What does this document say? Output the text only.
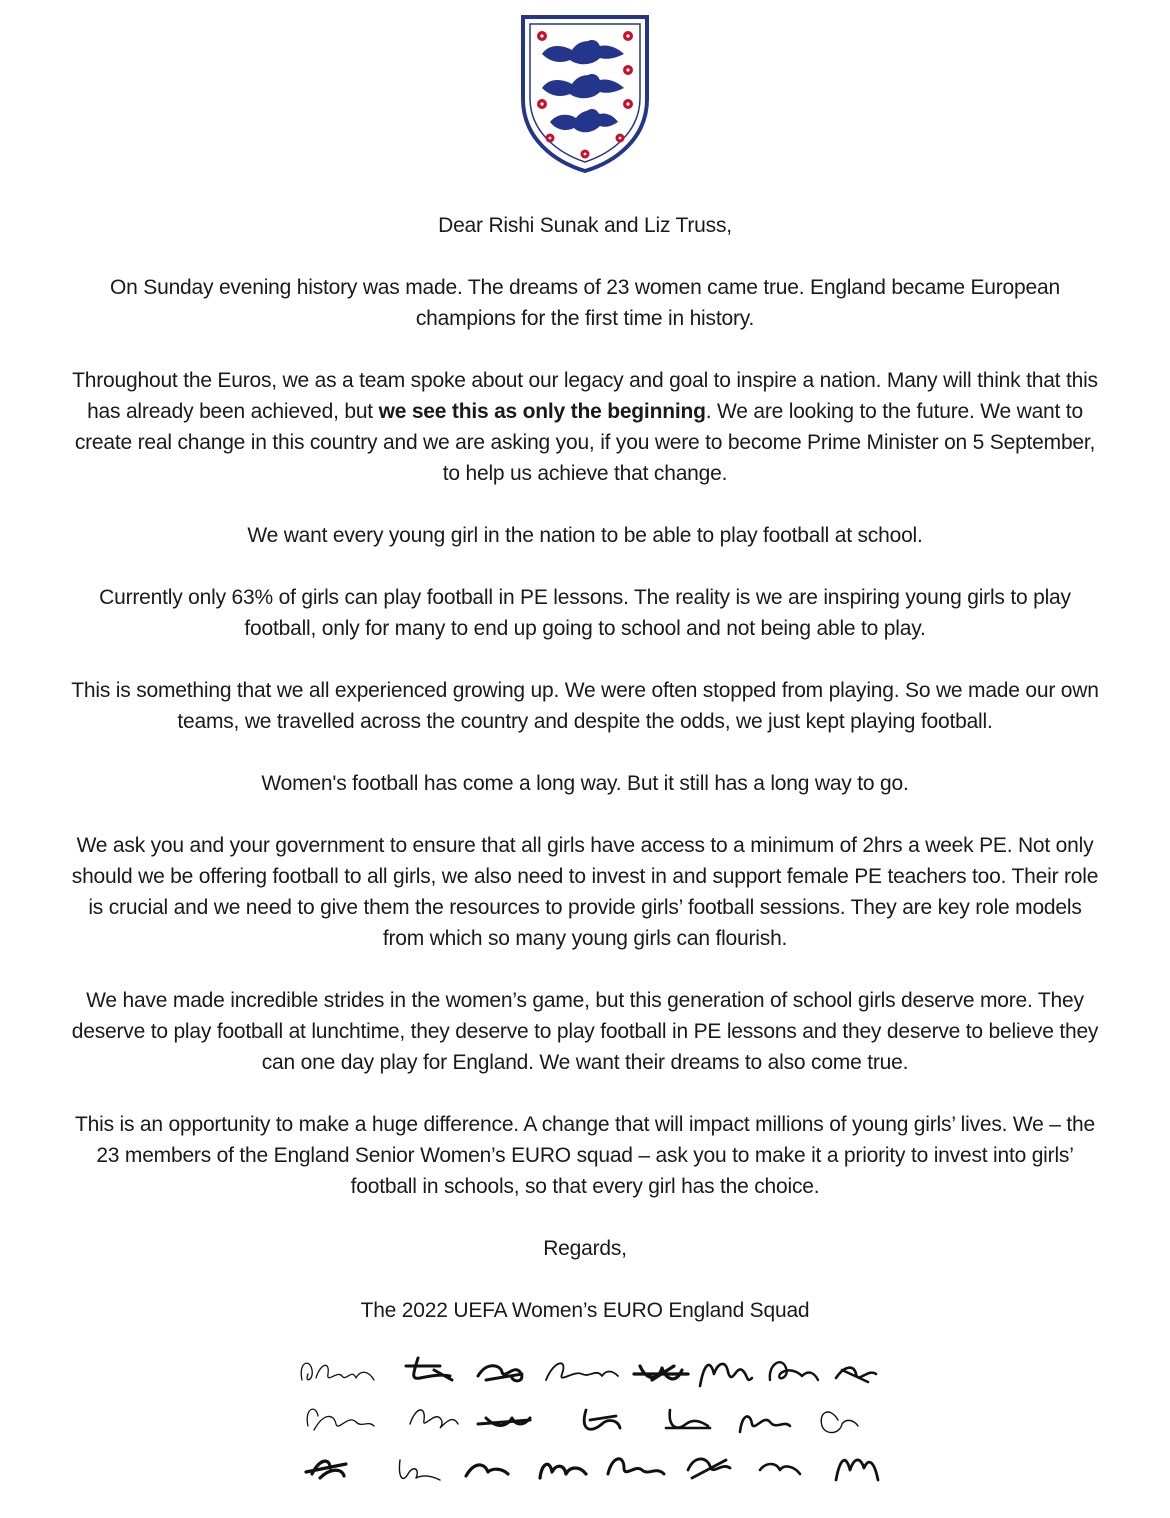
Dear Rishi Sunak and Liz Truss,

On Sunday evening history was made. The dreams of 23 women came true. England became European champions for the first time in history.

Throughout the Euros, we as a team spoke about our legacy and goal to inspire a nation. Many will think that this has already been achieved, but we see this as only the beginning. We are looking to the future. We want to create real change in this country and we are asking you, if you were to become Prime Minister on 5 September, to help us achieve that change.

We want every young girl in the nation to be able to play football at school.

Currently only 63% of girls can play football in PE lessons. The reality is we are inspiring young girls to play football, only for many to end up going to school and not being able to play.

This is something that we all experienced growing up. We were often stopped from playing. So we made our own teams, we travelled across the country and despite the odds, we just kept playing football.

Women's football has come a long way. But it still has a long way to go.

We ask you and your government to ensure that all girls have access to a minimum of 2hrs a week PE. Not only should we be offering football to all girls, we also need to invest in and support female PE teachers too. Their role is crucial and we need to give them the resources to provide girls’ football sessions. They are key role models from which so many young girls can flourish.

We have made incredible strides in the women’s game, but this generation of school girls deserve more. They deserve to play football at lunchtime, they deserve to play football in PE lessons and they deserve to believe they can one day play for England. We want their dreams to also come true.

This is an opportunity to make a huge difference. A change that will impact millions of young girls’ lives. We – the 23 members of the England Senior Women’s EURO squad – ask you to make it a priority to invest into girls’ football in schools, so that every girl has the choice.

Regards,

The 2022 UEFA Women’s EURO England Squad
